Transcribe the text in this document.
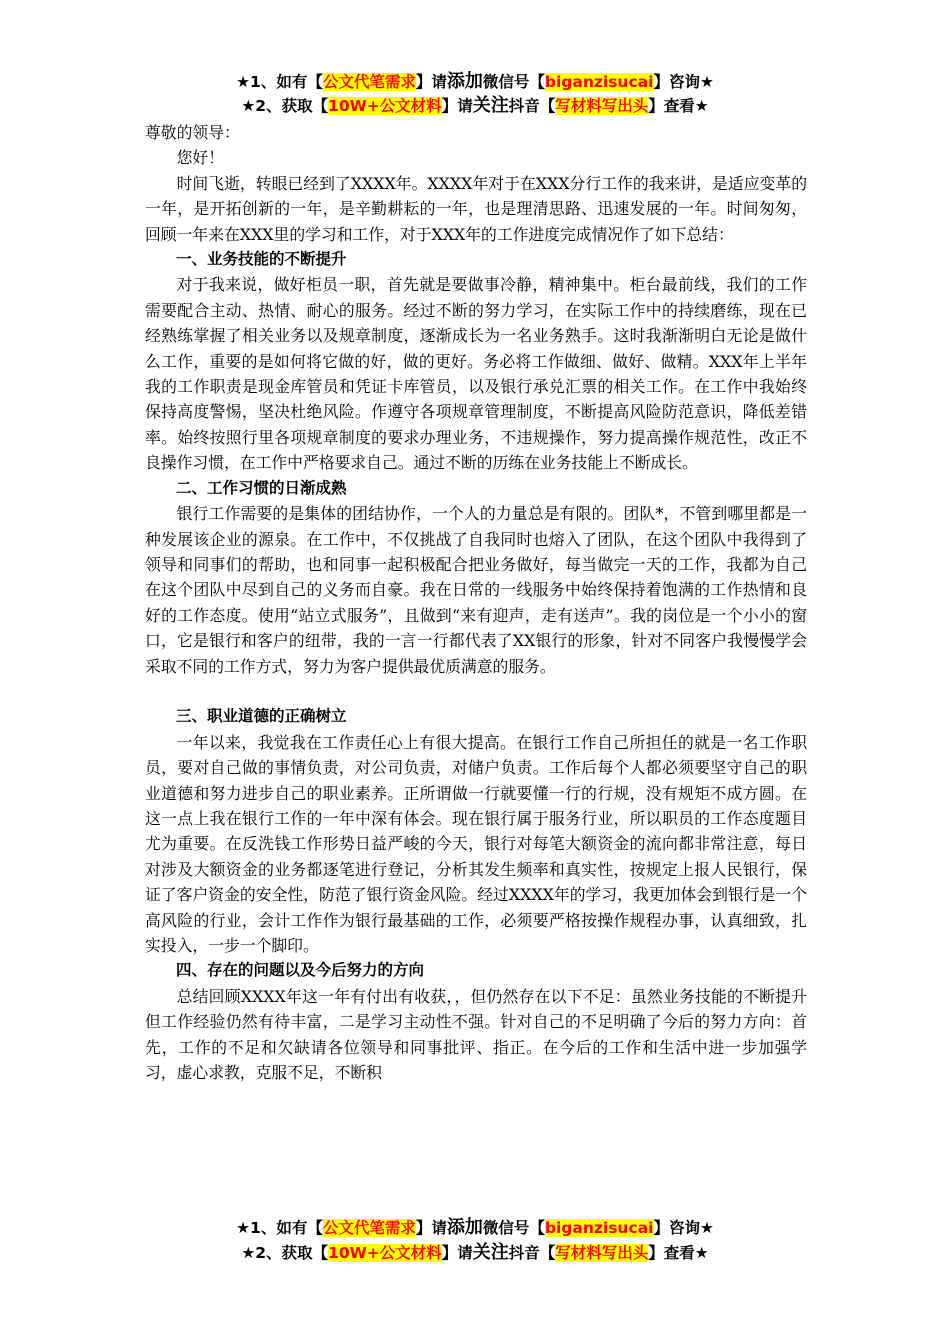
★1、如有【公文代笔需求】请添加微信号【biganzisucai】咨询★
★2、获取【10W+公文材料】请关注抖音【写材料写出头】查看★

尊敬的领导：

您好！

时间飞逝，转眼已经到了XXXX年。XXXX年对于在XXX分行工作的我来讲，是适应变革的一年，是开拓创新的一年，是辛勤耕耘的一年，也是理清思路、迅速发展的一年。时间匆匆，回顾一年来在XXX里的学习和工作，对于XXX年的工作进度完成情况作了如下总结：

一、业务技能的不断提升

对于我来说，做好柜员一职，首先就是要做事冷静，精神集中。柜台最前线，我们的工作需要配合主动、热情、耐心的服务。经过不断的努力学习，在实际工作中的持续磨练，现在已经熟练掌握了相关业务以及规章制度，逐渐成长为一名业务熟手。这时我渐渐明白无论是做什么工作，重要的是如何将它做的好，做的更好。务必将工作做细、做好、做精。XXX年上半年我的工作职责是现金库管员和凭证卡库管员，以及银行承兑汇票的相关工作。在工作中我始终保持高度警惕，坚决杜绝风险。作遵守各项规章管理制度，不断提高风险防范意识，降低差错率。始终按照行里各项规章制度的要求办理业务，不违规操作，努力提高操作规范性，改正不良操作习惯，在工作中严格要求自己。通过不断的历练在业务技能上不断成长。

二、工作习惯的日渐成熟

银行工作需要的是集体的团结协作，一个人的力量总是有限的。团队*，不管到哪里都是一种发展该企业的源泉。在工作中，不仅挑战了自我同时也熔入了团队，在这个团队中我得到了领导和同事们的帮助，也和同事一起积极配合把业务做好，每当做完一天的工作，我都为自己在这个团队中尽到自己的义务而自豪。我在日常的一线服务中始终保持着饱满的工作热情和良好的工作态度。使用“站立式服务”，且做到“来有迎声，走有送声”。我的岗位是一个小小的窗口，它是银行和客户的纽带，我的一言一行都代表了XX银行的形象，针对不同客户我慢慢学会采取不同的工作方式，努力为客户提供最优质满意的服务。

三、职业道德的正确树立

一年以来，我觉我在工作责任心上有很大提高。在银行工作自己所担任的就是一名工作职员，要对自己做的事情负责，对公司负责，对储户负责。工作后每个人都必须要坚守自己的职业道德和努力进步自己的职业素养。正所谓做一行就要懂一行的行规，没有规矩不成方圆。在这一点上我在银行工作的一年中深有体会。现在银行属于服务行业，所以职员的工作态度题目尤为重要。在反洗钱工作形势日益严峻的今天，银行对每笔大额资金的流向都非常注意，每日对涉及大额资金的业务都逐笔进行登记，分析其发生频率和真实性，按规定上报人民银行，保证了客户资金的安全性，防范了银行资金风险。经过XXXX年的学习，我更加体会到银行是一个高风险的行业，会计工作作为银行最基础的工作，必须要严格按操作规程办事，认真细致，扎实投入，一步一个脚印。

四、存在的问题以及今后努力的方向

总结回顾XXXX年这一年有付出有收获，，但仍然存在以下不足：虽然业务技能的不断提升但工作经验仍然有待丰富，二是学习主动性不强。针对自己的不足明确了今后的努力方向：首先，工作的不足和欠缺请各位领导和同事批评、指正。在今后的工作和生活中进一步加强学习，虚心求教，克服不足，不断积

★1、如有【公文代笔需求】请添加微信号【biganzisucai】咨询★
★2、获取【10W+公文材料】请关注抖音【写材料写出头】查看★
